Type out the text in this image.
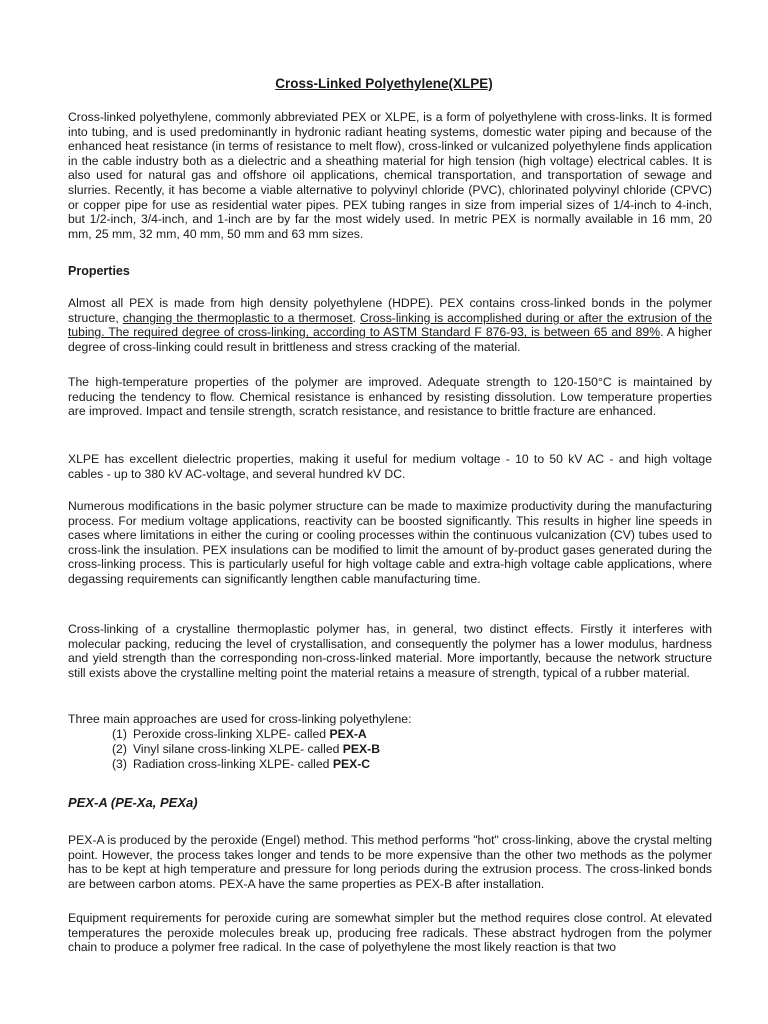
Cross-Linked Polyethylene(XLPE)

Cross-linked polyethylene, commonly abbreviated PEX or XLPE, is a form of polyethylene with cross-links. It is formed into tubing, and is used predominantly in hydronic radiant heating systems, domestic water piping and because of the enhanced heat resistance (in terms of resistance to melt flow), cross-linked or vulcanized polyethylene finds application in the cable industry both as a dielectric and a sheathing material for high tension (high voltage) electrical cables. It is also used for natural gas and offshore oil applications, chemical transportation, and transportation of sewage and slurries. Recently, it has become a viable alternative to polyvinyl chloride (PVC), chlorinated polyvinyl chloride (CPVC) or copper pipe for use as residential water pipes. PEX tubing ranges in size from imperial sizes of 1/4-inch to 4-inch, but 1/2-inch, 3/4-inch, and 1-inch are by far the most widely used. In metric PEX is normally available in 16 mm, 20 mm, 25 mm, 32 mm, 40 mm, 50 mm and 63 mm sizes.

Properties

Almost all PEX is made from high density polyethylene (HDPE). PEX contains cross-linked bonds in the polymer structure, changing the thermoplastic to a thermoset. Cross-linking is accomplished during or after the extrusion of the tubing. The required degree of cross-linking, according to ASTM Standard F 876-93, is between 65 and 89%. A higher degree of cross-linking could result in brittleness and stress cracking of the material.

The high-temperature properties of the polymer are improved. Adequate strength to 120-150°C is maintained by reducing the tendency to flow. Chemical resistance is enhanced by resisting dissolution. Low temperature properties are improved. Impact and tensile strength, scratch resistance, and resistance to brittle fracture are enhanced.

XLPE has excellent dielectric properties, making it useful for medium voltage - 10 to 50 kV AC - and high voltage cables - up to 380 kV AC-voltage, and several hundred kV DC.

Numerous modifications in the basic polymer structure can be made to maximize productivity during the manufacturing process. For medium voltage applications, reactivity can be boosted significantly. This results in higher line speeds in cases where limitations in either the curing or cooling processes within the continuous vulcanization (CV) tubes used to cross-link the insulation. PEX insulations can be modified to limit the amount of by-product gases generated during the cross-linking process. This is particularly useful for high voltage cable and extra-high voltage cable applications, where degassing requirements can significantly lengthen cable manufacturing time.

Cross-linking of a crystalline thermoplastic polymer has, in general, two distinct effects. Firstly it interferes with molecular packing, reducing the level of crystallisation, and consequently the polymer has a lower modulus, hardness and yield strength than the corresponding non-cross-linked material. More importantly, because the network structure still exists above the crystalline melting point the material retains a measure of strength, typical of a rubber material.

Three main approaches are used for cross-linking polyethylene:

(1) Peroxide cross-linking XLPE- called PEX-A
(2) Vinyl silane cross-linking XLPE- called PEX-B
(3) Radiation cross-linking XLPE- called PEX-C
PEX-A (PE-Xa, PEXa)

PEX-A is produced by the peroxide (Engel) method. This method performs "hot" cross-linking, above the crystal melting point. However, the process takes longer and tends to be more expensive than the other two methods as the polymer has to be kept at high temperature and pressure for long periods during the extrusion process. The cross-linked bonds are between carbon atoms. PEX-A have the same properties as PEX-B after installation.

Equipment requirements for peroxide curing are somewhat simpler but the method requires close control. At elevated temperatures the peroxide molecules break up, producing free radicals. These abstract hydrogen from the polymer chain to produce a polymer free radical. In the case of polyethylene the most likely reaction is that two
